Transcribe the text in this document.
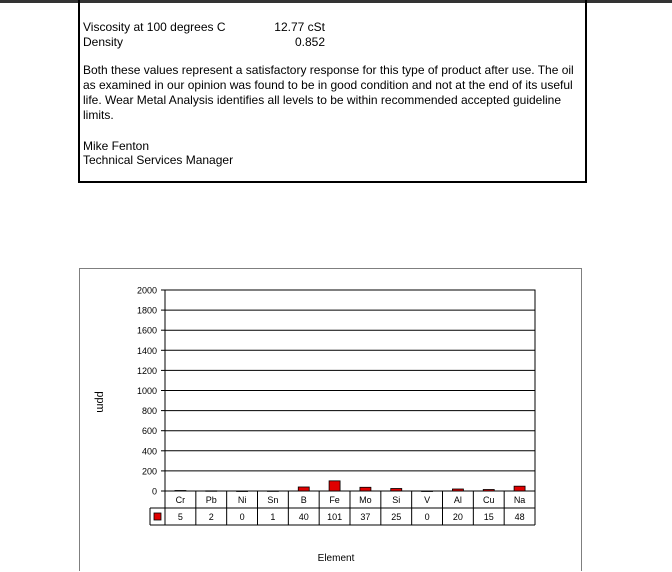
Viscosity at 100 degrees C	12.77 cSt
Density	0.852
Both these values represent a satisfactory response for this type of product after use. The oil as examined in our opinion was found to be in good condition and not at the end of its useful life. Wear Metal Analysis identifies all levels to be within recommended accepted guideline limits.
Mike Fenton
Technical Services Manager
0
200
400
600
800
1000
1200
1400
1600
1800
2000
Cr
5
Pb
2
Ni
0
Sn
1
B
40
Fe
101
Mo
37
Si
25
V
0
Al
20
Cu
15
Na
48
ppm
Element
